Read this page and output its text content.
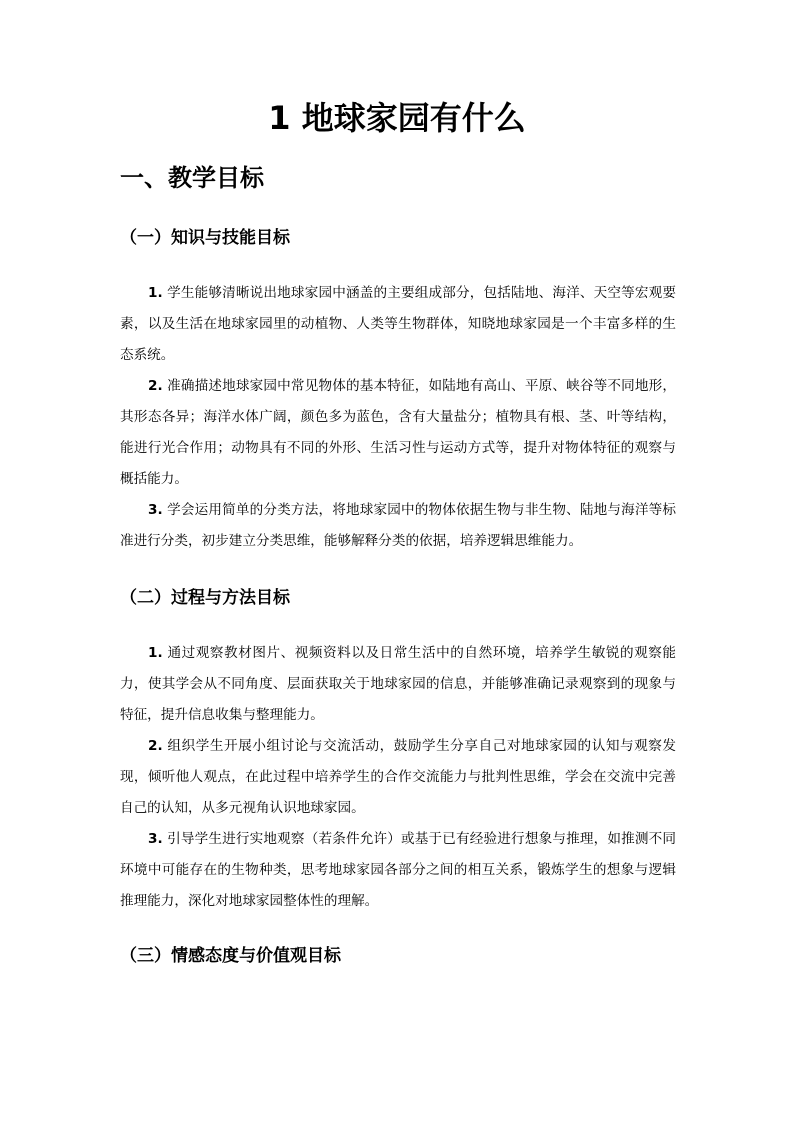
1 地球家园有什么
一、教学目标
（一）知识与技能目标

1. 学生能够清晰说出地球家园中涵盖的主要组成部分，包括陆地、海洋、天空等宏观要素，以及生活在地球家园里的动植物、人类等生物群体，知晓地球家园是一个丰富多样的生态系统。

2. 准确描述地球家园中常见物体的基本特征，如陆地有高山、平原、峡谷等不同地形，其形态各异；海洋水体广阔，颜色多为蓝色，含有大量盐分；植物具有根、茎、叶等结构，能进行光合作用；动物具有不同的外形、生活习性与运动方式等，提升对物体特征的观察与概括能力。

3. 学会运用简单的分类方法，将地球家园中的物体依据生物与非生物、陆地与海洋等标准进行分类，初步建立分类思维，能够解释分类的依据，培养逻辑思维能力。

（二）过程与方法目标

1. 通过观察教材图片、视频资料以及日常生活中的自然环境，培养学生敏锐的观察能力，使其学会从不同角度、层面获取关于地球家园的信息，并能够准确记录观察到的现象与特征，提升信息收集与整理能力。

2. 组织学生开展小组讨论与交流活动，鼓励学生分享自己对地球家园的认知与观察发现，倾听他人观点，在此过程中培养学生的合作交流能力与批判性思维，学会在交流中完善自己的认知，从多元视角认识地球家园。

3. 引导学生进行实地观察（若条件允许）或基于已有经验进行想象与推理，如推测不同环境中可能存在的生物种类，思考地球家园各部分之间的相互关系，锻炼学生的想象与逻辑推理能力，深化对地球家园整体性的理解。

（三）情感态度与价值观目标
